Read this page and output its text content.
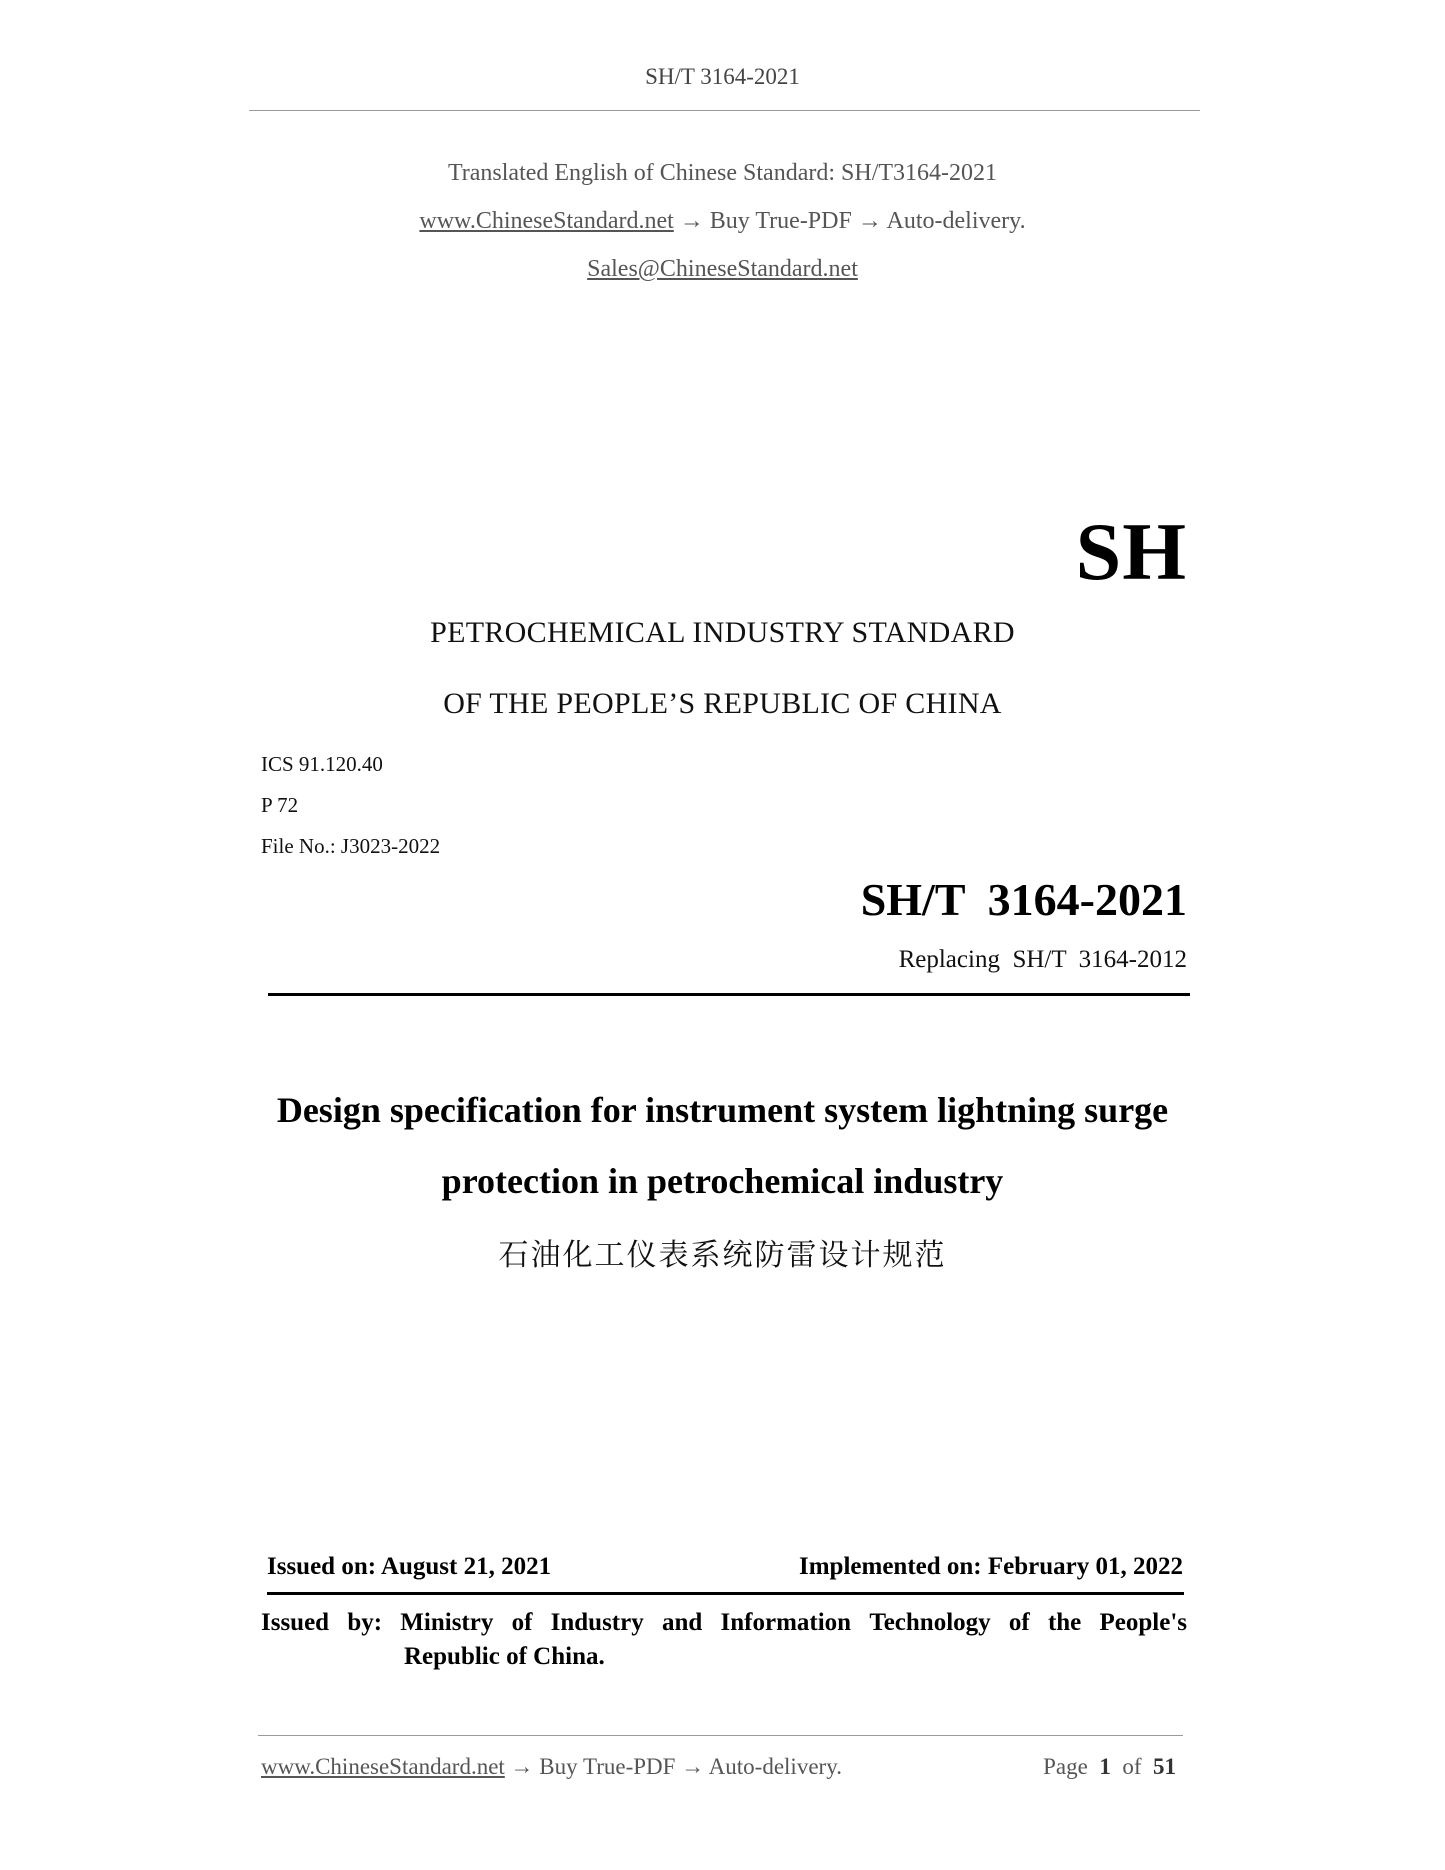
SH/T 3164-2021
Translated English of Chinese Standard: SH/T3164-2021
www.ChineseStandard.net → Buy True-PDF → Auto-delivery.
Sales@ChineseStandard.net
SH
PETROCHEMICAL INDUSTRY STANDARD
OF THE PEOPLE’S REPUBLIC OF CHINA
ICS 91.120.40
P 72
File No.: J3023-2022
SH/T  3164-2021
Replacing  SH/T  3164-2012
Design specification for instrument system lightning surge
protection in petrochemical industry
石油化工仪表系统防雷设计规范
Issued on: August 21, 2021	Implemented on: February 01, 2022
Issued by: Ministry of Industry and Information Technology of the People's
Republic of China.
www.ChineseStandard.net → Buy True-PDF → Auto-delivery.	Page 1 of 51
